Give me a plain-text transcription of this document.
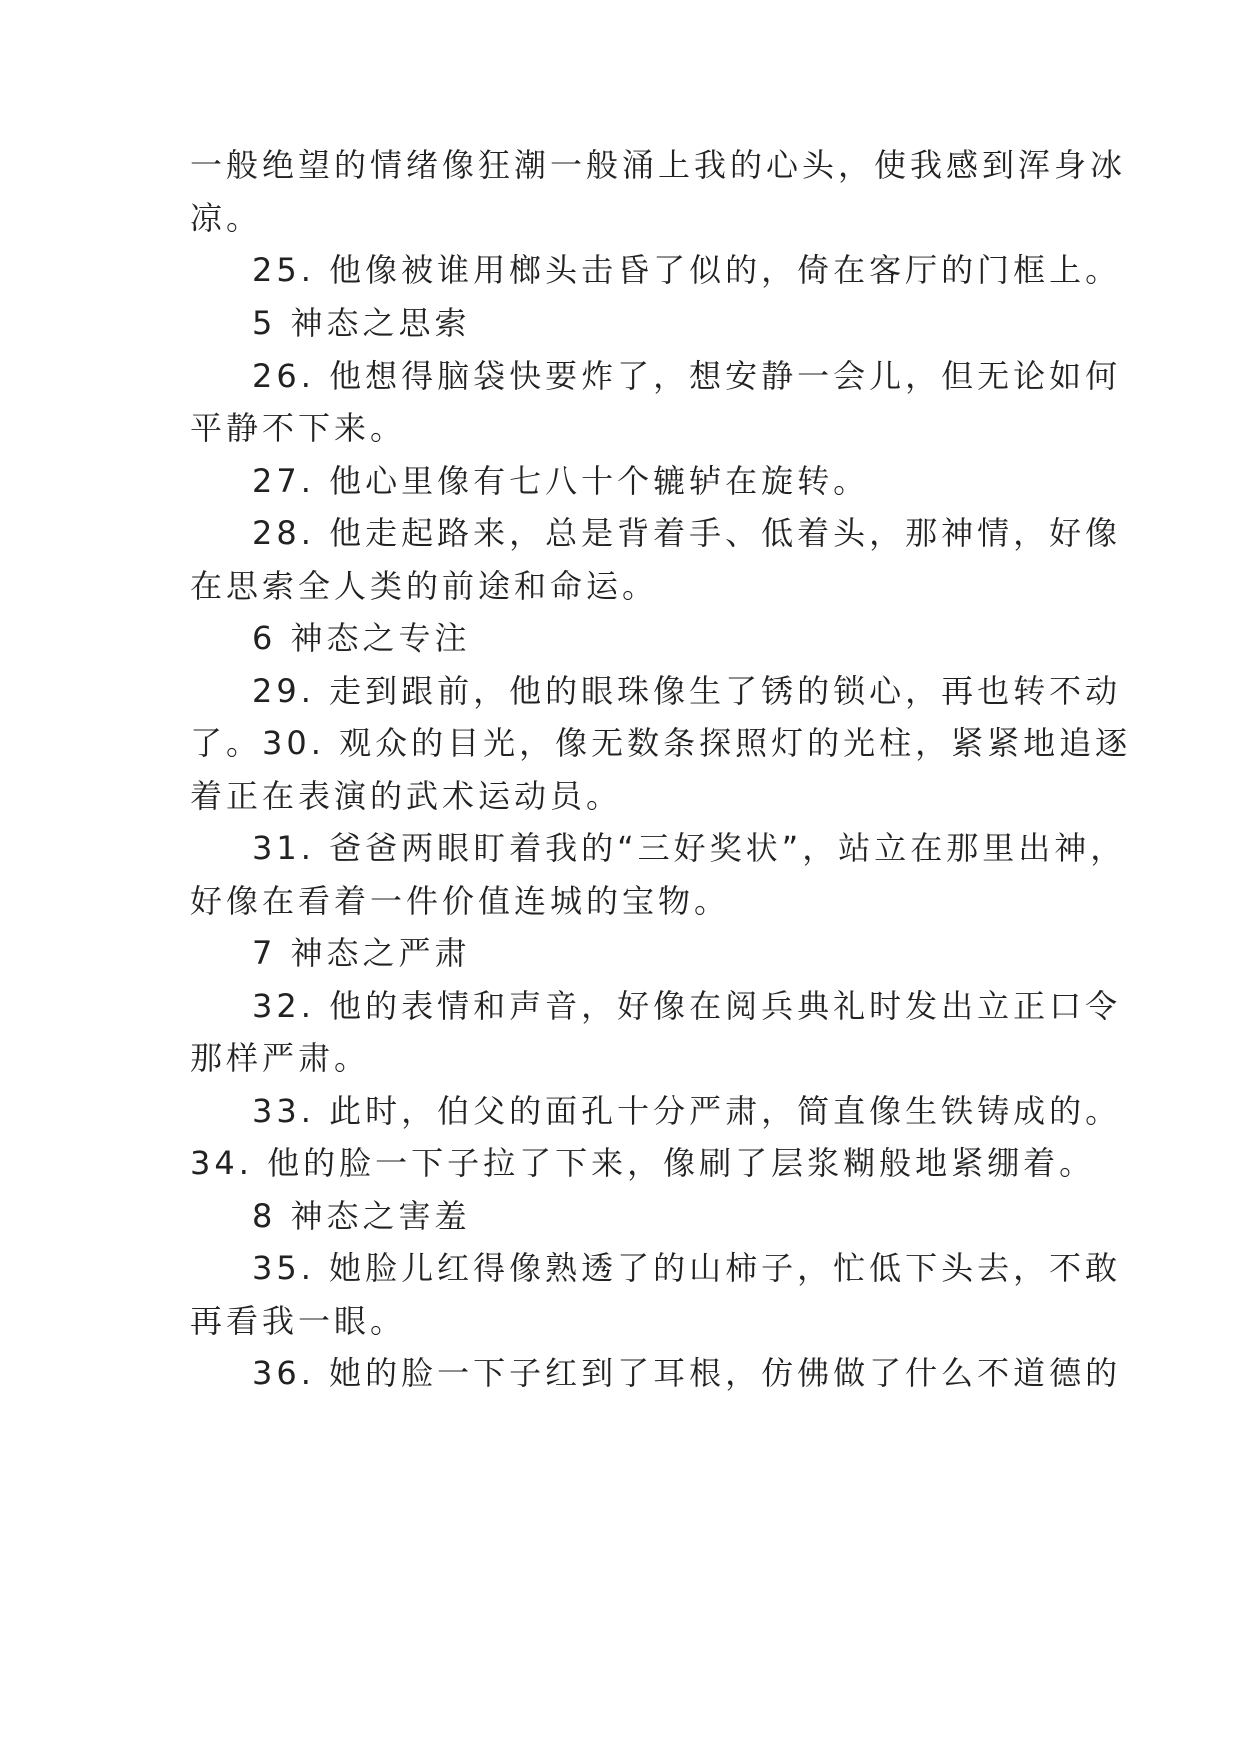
一般绝望的情绪像狂潮一般涌上我的心头，使我感到浑身冰
凉。
25. 他像被谁用榔头击昏了似的，倚在客厅的门框上。
5 神态之思索
26. 他想得脑袋快要炸了，想安静一会儿，但无论如何
平静不下来。
27. 他心里像有七八十个辘轳在旋转。
28. 他走起路来，总是背着手、低着头，那神情，好像
在思索全人类的前途和命运。
6 神态之专注
29. 走到跟前，他的眼珠像生了锈的锁心，再也转不动
了。30. 观众的目光，像无数条探照灯的光柱，紧紧地追逐
着正在表演的武术运动员。
31. 爸爸两眼盯着我的“三好奖状”，站立在那里出神，
好像在看着一件价值连城的宝物。
7 神态之严肃
32. 他的表情和声音，好像在阅兵典礼时发出立正口令
那样严肃。
33. 此时，伯父的面孔十分严肃，简直像生铁铸成的。
34. 他的脸一下子拉了下来，像刷了层浆糊般地紧绷着。
8 神态之害羞
35. 她脸儿红得像熟透了的山柿子，忙低下头去，不敢
再看我一眼。
36. 她的脸一下子红到了耳根，仿佛做了什么不道德的
